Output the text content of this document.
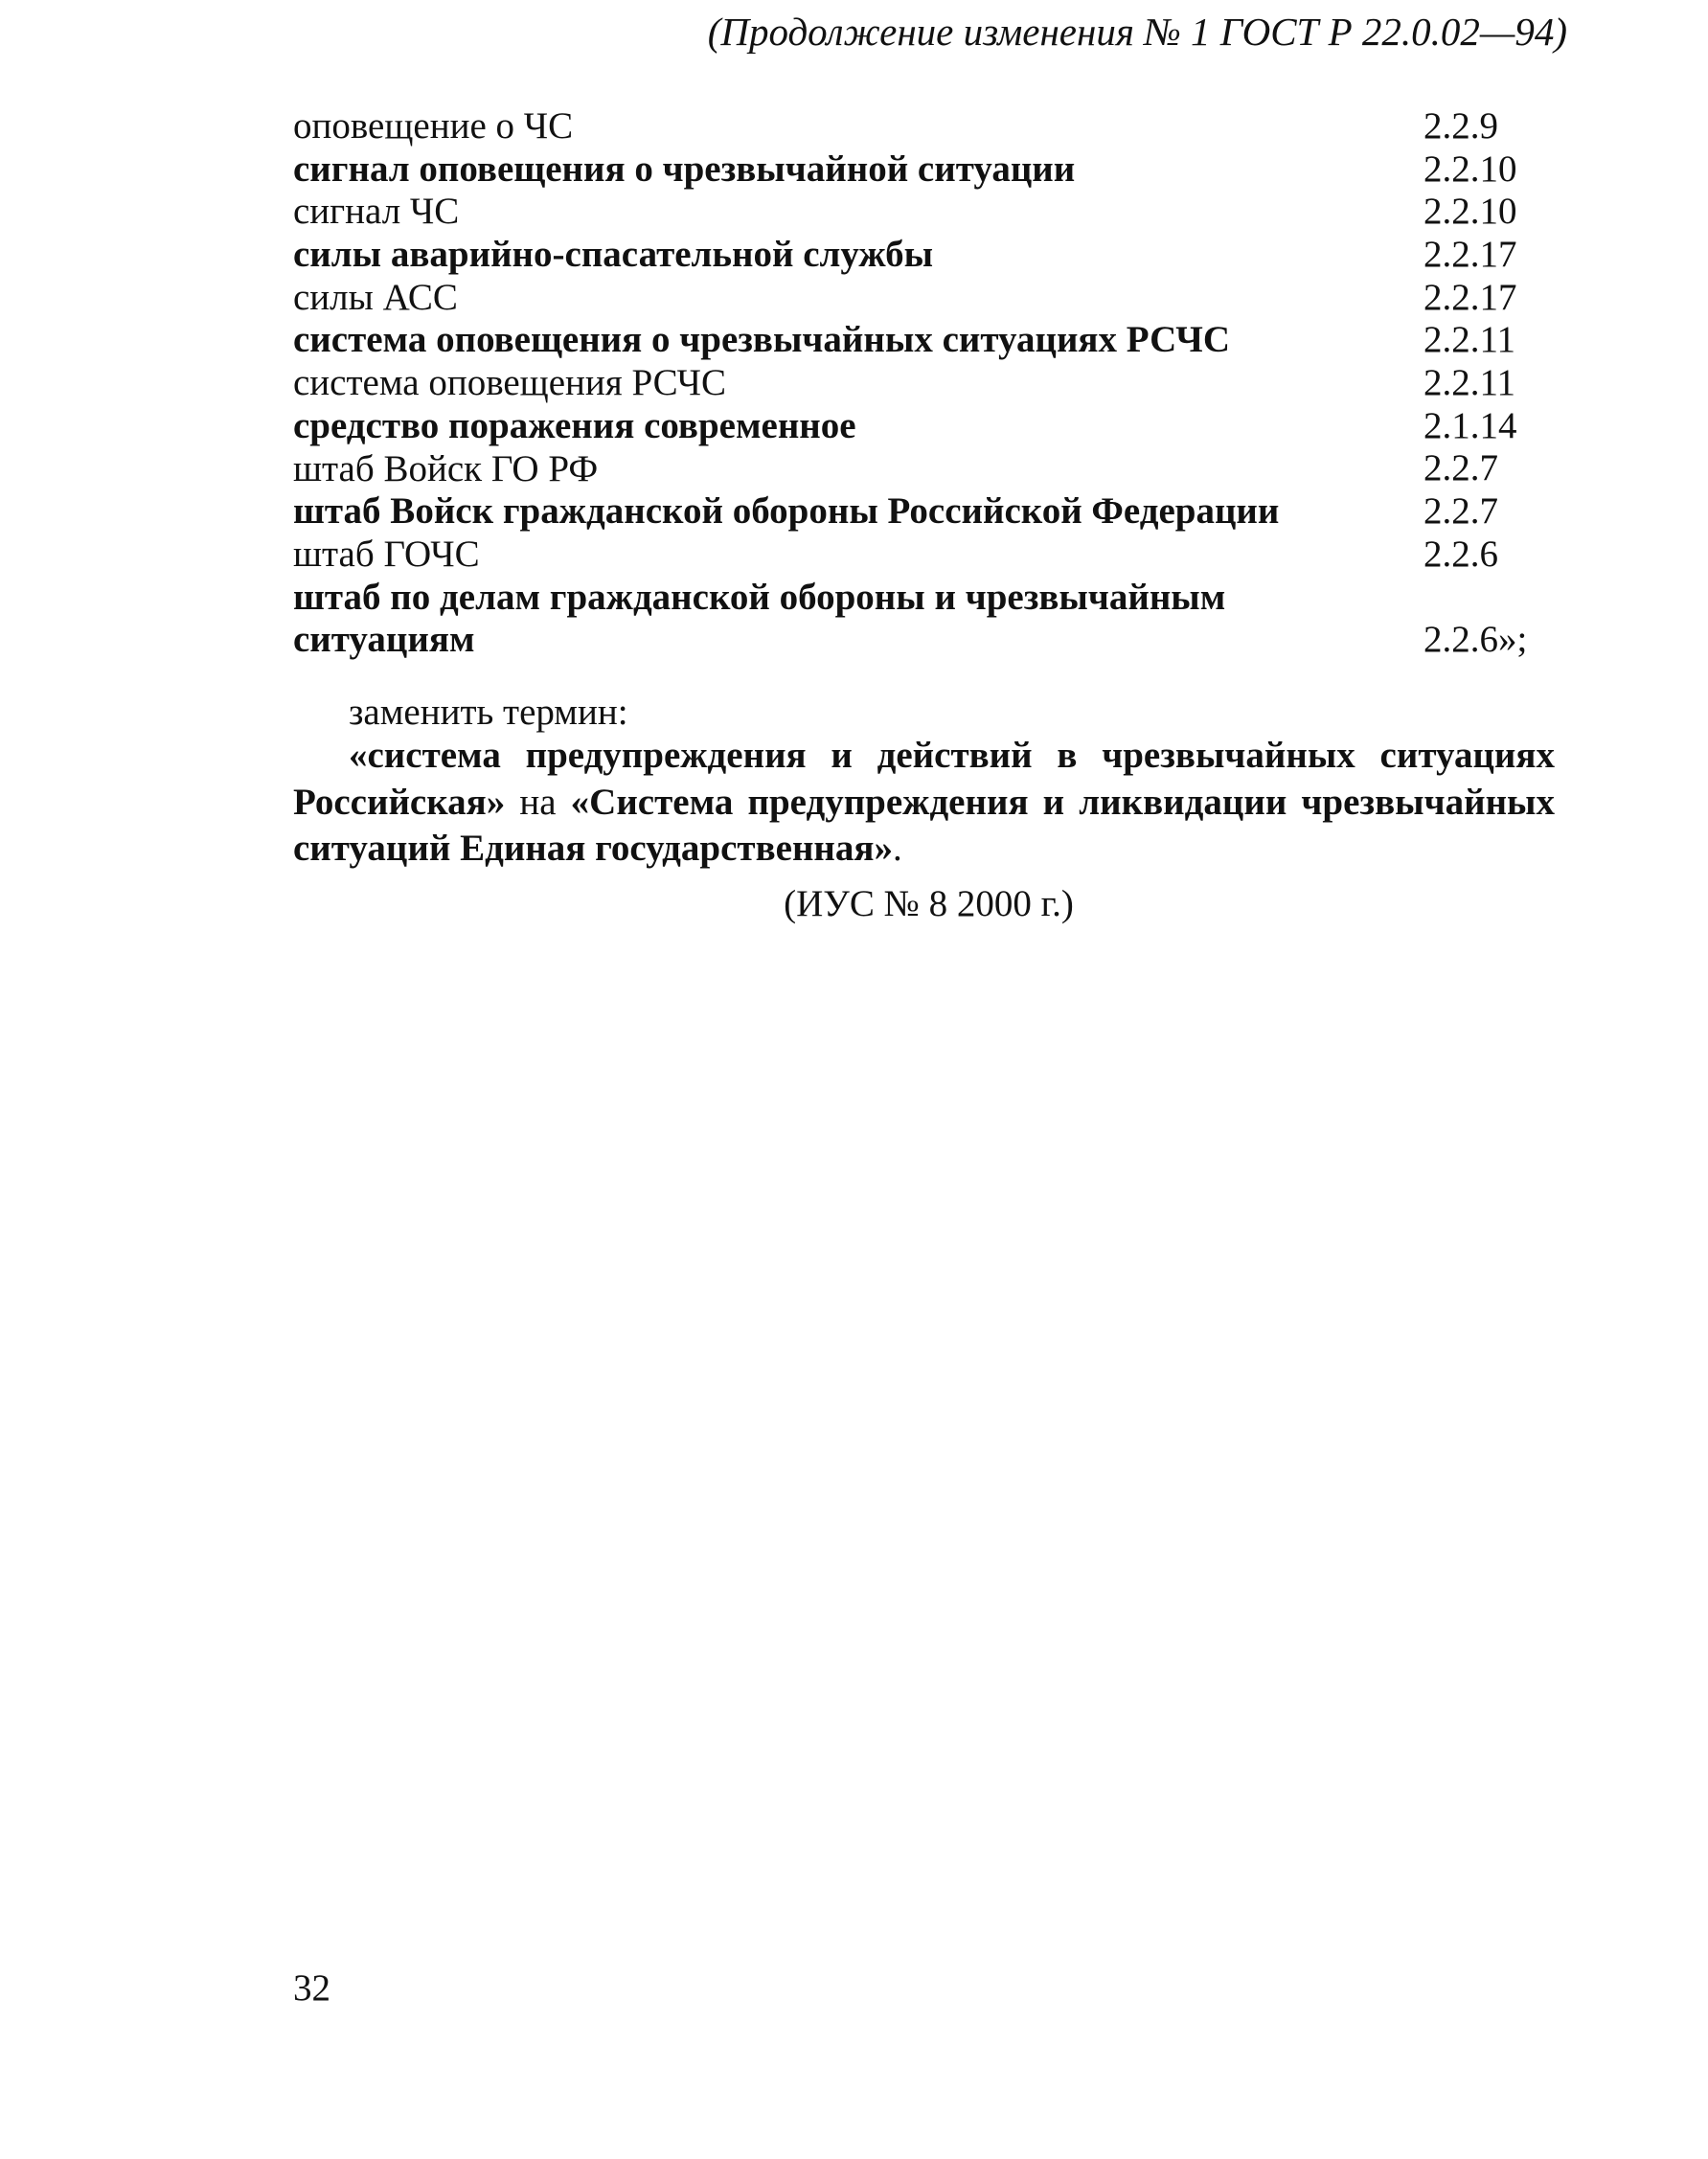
(Продолжение изменения № 1 ГОСТ Р 22.0.02—94)
оповещение о ЧС	2.2.9
сигнал оповещения о чрезвычайной ситуации	2.2.10
сигнал ЧС	2.2.10
силы аварийно-спасательной службы	2.2.17
силы АСС	2.2.17
система оповещения о чрезвычайных ситуациях РСЧС	2.2.11
система оповещения РСЧС	2.2.11
средство поражения современное	2.1.14
штаб Войск ГО РФ	2.2.7
штаб Войск гражданской обороны Российской Федерации	2.2.7
штаб ГОЧС	2.2.6
штаб по делам гражданской обороны и чрезвычайным
ситуациям	2.2.6»;
заменить термин:
«система предупреждения и действий в чрезвычайных ситуациях Российская» на «Система предупреждения и ликвидации чрезвычайных ситуаций Единая государственная».
(ИУС № 8 2000 г.)
32
